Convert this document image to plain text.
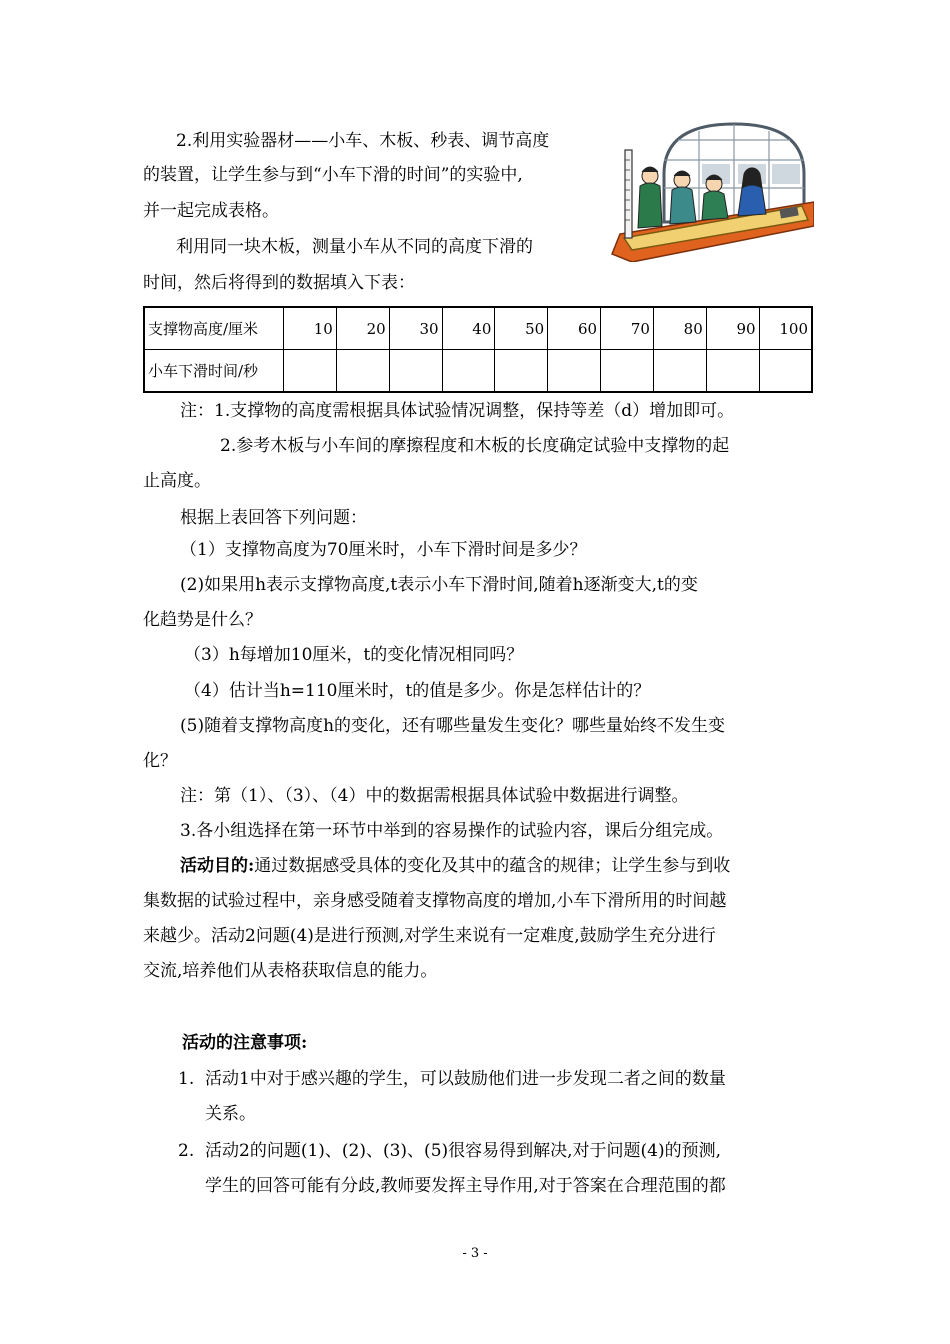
2.利用实验器材——小车、木板、秒表、调节高度
的装置，让学生参与到“小车下滑的时间”的实验中,
并一起完成表格。
利用同一块木板，测量小车从不同的高度下滑的
时间，然后将得到的数据填入下表：
支撑物高度/厘米	10	20	30	40	50	60	70	80	90	100
小车下滑时间/秒										
注：1.支撑物的高度需根据具体试验情况调整，保持等差（d）增加即可。
2.参考木板与小车间的摩擦程度和木板的长度确定试验中支撑物的起
止高度。
根据上表回答下列问题：
（1）支撑物高度为70厘米时，小车下滑时间是多少？
(2)如果用h表示支撑物高度,t表示小车下滑时间,随着h逐渐变大,t的变
化趋势是什么？
（3）h每增加10厘米，t的变化情况相同吗？
（4）估计当h=110厘米时，t的值是多少。你是怎样估计的？
(5)随着支撑物高度h的变化，还有哪些量发生变化？哪些量始终不发生变
化？
注：第（1）、（3）、（4）中的数据需根据具体试验中数据进行调整。
3.各小组选择在第一环节中举到的容易操作的试验内容，课后分组完成。
活动目的:通过数据感受具体的变化及其中的蕴含的规律；让学生参与到收
集数据的试验过程中，亲身感受随着支撑物高度的增加,小车下滑所用的时间越
来越少。活动2问题(4)是进行预测,对学生来说有一定难度,鼓励学生充分进行
交流,培养他们从表格获取信息的能力。
活动的注意事项:
1. 活动1中对于感兴趣的学生，可以鼓励他们进一步发现二者之间的数量
关系。
2. 活动2的问题(1)、(2)、(3)、(5)很容易得到解决,对于问题(4)的预测,
学生的回答可能有分歧,教师要发挥主导作用,对于答案在合理范围的都
- 3 -
